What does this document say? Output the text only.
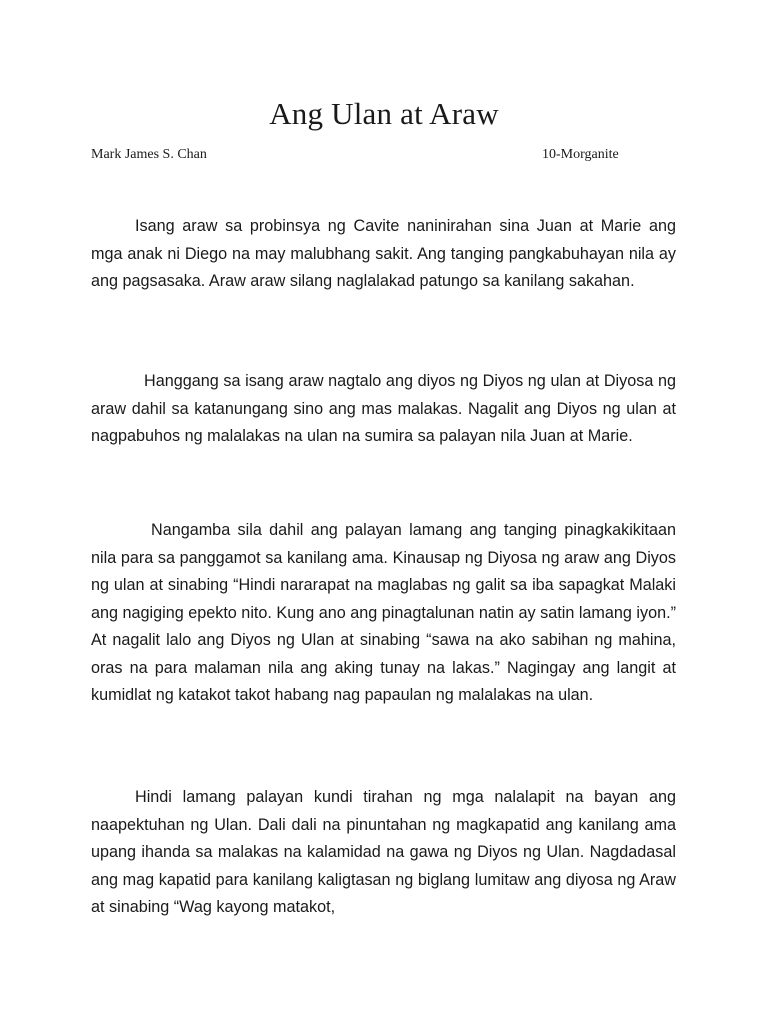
Ang Ulan at Araw
Mark James S. Chan	10-Morganite

Isang araw sa probinsya ng Cavite naninirahan sina Juan at Marie ang mga anak ni Diego na may malubhang sakit. Ang tanging pangkabuhayan nila ay ang pagsasaka. Araw araw silang naglalakad patungo sa kanilang sakahan.

Hanggang sa isang araw nagtalo ang diyos ng Diyos ng ulan at Diyosa ng araw dahil sa katanungang sino ang mas malakas. Nagalit ang Diyos ng ulan at nagpabuhos ng malalakas na ulan na sumira sa palayan nila Juan at Marie.

Nangamba sila dahil ang palayan lamang ang tanging pinagkakikitaan nila para sa panggamot sa kanilang ama. Kinausap ng Diyosa ng araw ang Diyos ng ulan at sinabing “Hindi nararapat na maglabas ng galit sa iba sapagkat Malaki ang nagiging epekto nito. Kung ano ang pinagtalunan natin ay satin lamang iyon.” At nagalit lalo ang Diyos ng Ulan at sinabing “sawa na ako sabihan ng mahina, oras na para malaman nila ang aking tunay na lakas.” Nagingay ang langit at kumidlat ng katakot takot habang nag papaulan ng malalakas na ulan.

Hindi lamang palayan kundi tirahan ng mga nalalapit na bayan ang naapektuhan ng Ulan. Dali dali na pinuntahan ng magkapatid ang kanilang ama upang ihanda sa malakas na kalamidad na gawa ng Diyos ng Ulan. Nagdadasal ang mag kapatid para kanilang kaligtasan ng biglang lumitaw ang diyosa ng Araw at sinabing “Wag kayong matakot,
